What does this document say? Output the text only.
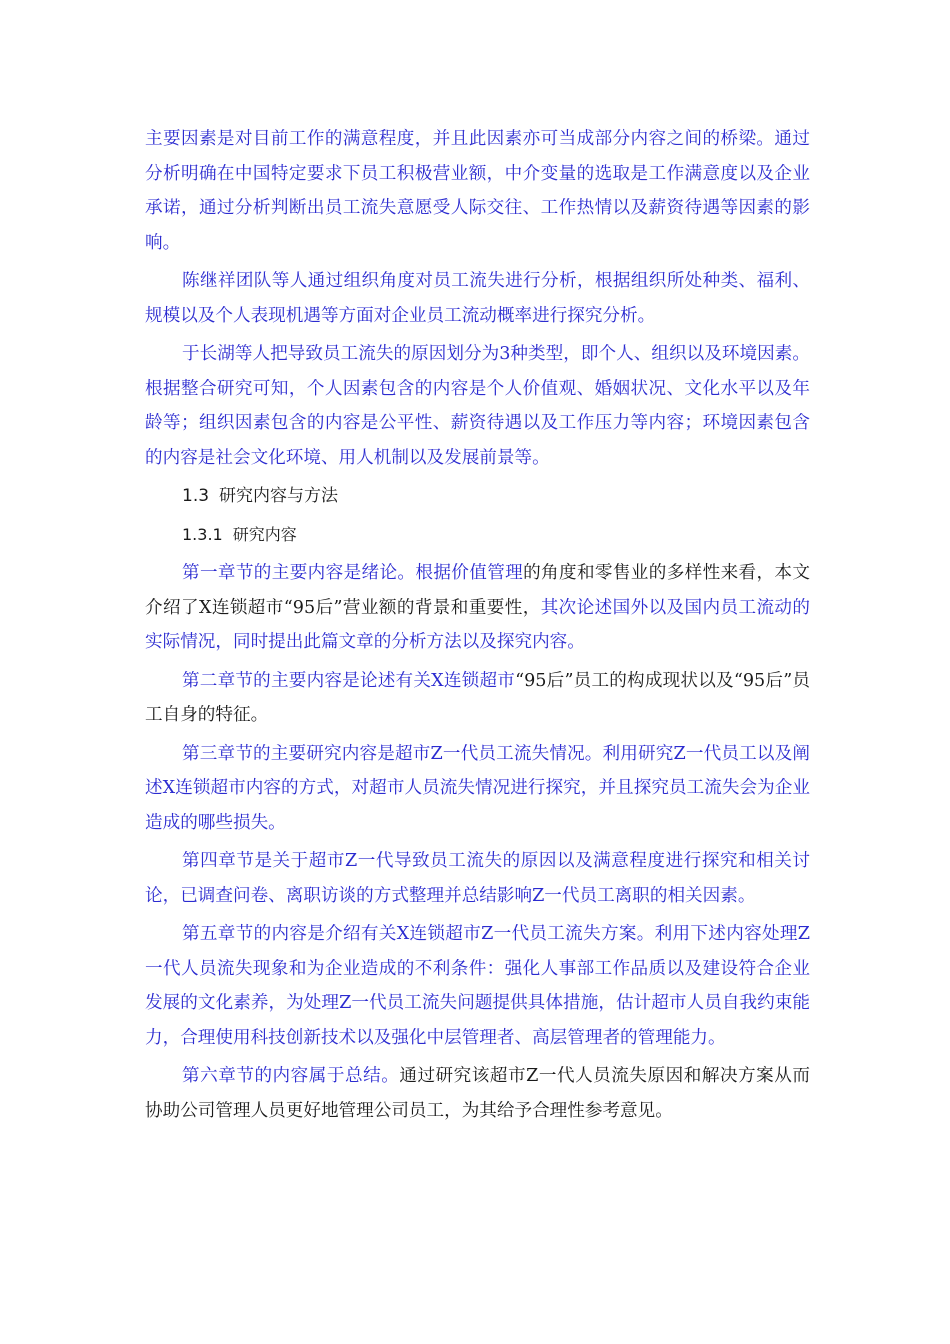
主要因素是对目前工作的满意程度，并且此因素亦可当成部分内容之间的桥梁。通过分析明确在中国特定要求下员工积极营业额，中介变量的选取是工作满意度以及企业承诺，通过分析判断出员工流失意愿受人际交往、工作热情以及薪资待遇等因素的影响。

陈继祥团队等人通过组织角度对员工流失进行分析，根据组织所处种类、福利、规模以及个人表现机遇等方面对企业员工流动概率进行探究分析。

于长湖等人把导致员工流失的原因划分为3种类型，即个人、组织以及环境因素。根据整合研究可知，个人因素包含的内容是个人价值观、婚姻状况、文化水平以及年龄等；组织因素包含的内容是公平性、薪资待遇以及工作压力等内容；环境因素包含的内容是社会文化环境、用人机制以及发展前景等。

1.3 研究内容与方法
1.3.1 研究内容

第一章节的主要内容是绪论。根据价值管理的角度和零售业的多样性来看，本文介绍了X连锁超市“95后”营业额的背景和重要性，其次论述国外以及国内员工流动的实际情况，同时提出此篇文章的分析方法以及探究内容。

第二章节的主要内容是论述有关X连锁超市“95后”员工的构成现状以及“95后”员工自身的特征。

第三章节的主要研究内容是超市Z一代员工流失情况。利用研究Z一代员工以及阐述X连锁超市内容的方式，对超市人员流失情况进行探究，并且探究员工流失会为企业造成的哪些损失。

第四章节是关于超市Z一代导致员工流失的原因以及满意程度进行探究和相关讨论，已调查问卷、离职访谈的方式整理并总结影响Z一代员工离职的相关因素。

第五章节的内容是介绍有关X连锁超市Z一代员工流失方案。利用下述内容处理Z一代人员流失现象和为企业造成的不利条件：强化人事部工作品质以及建设符合企业发展的文化素养，为处理Z一代员工流失问题提供具体措施，估计超市人员自我约束能力，合理使用科技创新技术以及强化中层管理者、高层管理者的管理能力。

第六章节的内容属于总结。通过研究该超市Z一代人员流失原因和解决方案从而协助公司管理人员更好地管理公司员工，为其给予合理性参考意见。
